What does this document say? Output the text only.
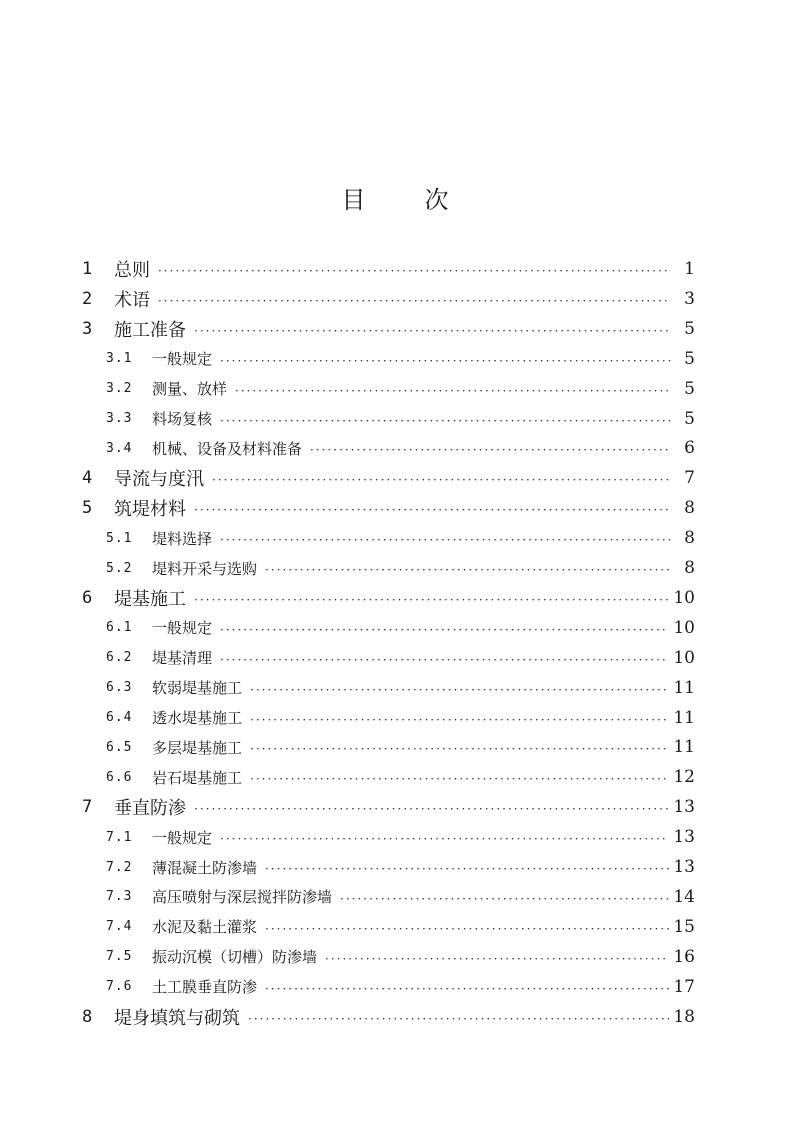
目 次
1	总则 ·····	1
2	术语 ·····	3
3	施工准备 ·····	5
3.1	一般规定 ·····	5
3.2	测量、放样 ·····	5
3.3	料场复核 ·····	5
3.4	机械、设备及材料准备 ·····	6
4	导流与度汛 ·····	7
5	筑堤材料 ·····	8
5.1	堤料选择 ·····	8
5.2	堤料开采与选购 ·····	8
6	堤基施工 ·····	10
6.1	一般规定 ·····	10
6.2	堤基清理 ·····	10
6.3	软弱堤基施工 ·····	11
6.4	透水堤基施工 ·····	11
6.5	多层堤基施工 ·····	11
6.6	岩石堤基施工 ·····	12
7	垂直防渗 ·····	13
7.1	一般规定 ·····	13
7.2	薄混凝土防渗墙 ·····	13
7.3	高压喷射与深层搅拌防渗墙 ·····	14
7.4	水泥及黏土灌浆 ·····	15
7.5	振动沉模（切槽）防渗墙 ·····	16
7.6	土工膜垂直防渗 ·····	17
8	堤身填筑与砌筑 ·····	18
